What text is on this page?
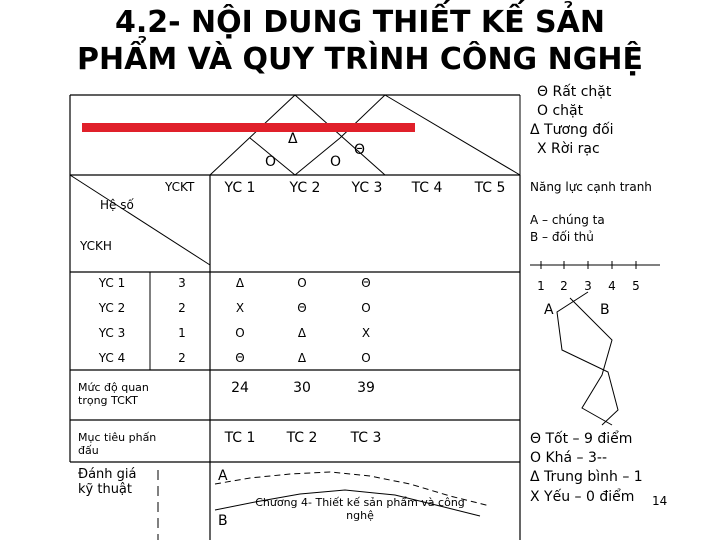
4.2- NỘI DUNG THIẾT KẾ SẢN
PHẨM VÀ QUY TRÌNH CÔNG NGHỆ
Θ Rất chặt
O chặt
Δ Tương đối
X Rời rạc
O
Δ
Θ
O
YCKT
Hệ số
YCKH
YC 1 YC 2 YC 3 TC 4 TC 5
YC 1	3	Δ	O	Θ
YC 2	2	X	Θ	O
YC 3	1	O	Δ	X
YC 4	2	Θ	Δ	O
Mức độ quan trọng TCKT
24	30	39
Mục tiêu phấn đấu
TC 1 TC 2 TC 3
Đánh giá kỹ thuật
A
B
Chương 4- Thiết kế sản phẩm và công nghệ
Năng lực cạnh tranh
A – chúng ta
B – đối thủ
1 2 3 4 5
A	B
Θ Tốt – 9 điểm
O Khá – 3--
Δ Trung bình – 1
X Yếu – 0 điểm 14
